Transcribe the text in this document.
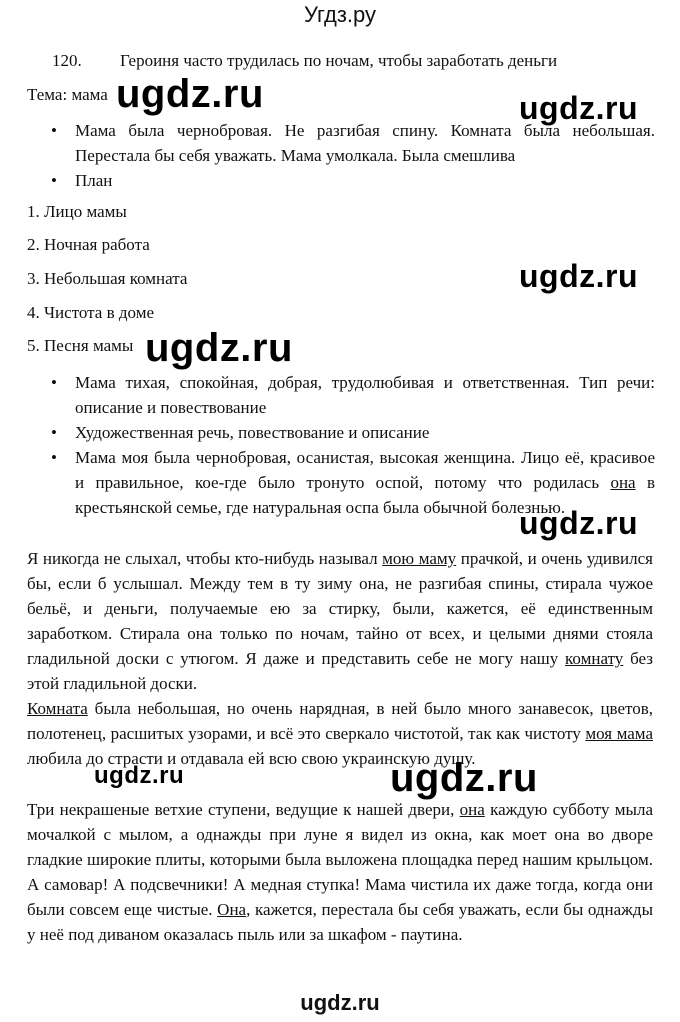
Угдз.ру
120. Героиня часто трудилась по ночам, чтобы заработать деньги
Тема: мама
• Мама была чернобровая. Не разгибая спину. Комната была небольшая. Перестала бы себя уважать. Мама умолкала. Была смешлива
• План
1. Лицо мамы
2. Ночная работа
3. Небольшая комната
4. Чистота в доме
5. Песня мамы
• Мама тихая, спокойная, добрая, трудолюбивая и ответственная. Тип речи: описание и повествование
• Художественная речь, повествование и описание
• Мама моя была чернобровая, осанистая, высокая женщина. Лицо её, красивое и правильное, кое-где было тронуто оспой, потому что родилась она в крестьянской семье, где натуральная оспа была обычной болезнью.
Я никогда не слыхал, чтобы кто-нибудь называл мою маму прачкой, и очень удивился бы, если б услышал. Между тем в ту зиму она, не разгибая спины, стирала чужое бельё, и деньги, получаемые ею за стирку, были, кажется, её единственным заработком. Стирала она только по ночам, тайно от всех, и целыми днями стояла гладильной доски с утюгом. Я даже и представить себе не могу нашу комнату без этой гладильной доски.
Комната была небольшая, но очень нарядная, в ней было много занавесок, цветов, полотенец, расшитых узорами, и всё это сверкало чистотой, так как чистоту моя мама любила до страсти и отдавала ей всю свою украинскую душу.
Три некрашеные ветхие ступени, ведущие к нашей двери, она каждую субботу мыла мочалкой с мылом, а однажды при луне я видел из окна, как моет она во дворе гладкие широкие плиты, которыми была выложена площадка перед нашим крыльцом. А самовар! А подсвечники! А медная ступка! Мама чистила их даже тогда, когда они были совсем еще чистые. Она, кажется, перестала бы себя уважать, если бы однажды у неё под диваном оказалась пыль или за шкафом - паутина.
ugdz.ru	ugdz.ru
ugdz.ru
ugdz.ru
ugdz.ru
ugdz.ru	ugdz.ru
ugdz.ru
